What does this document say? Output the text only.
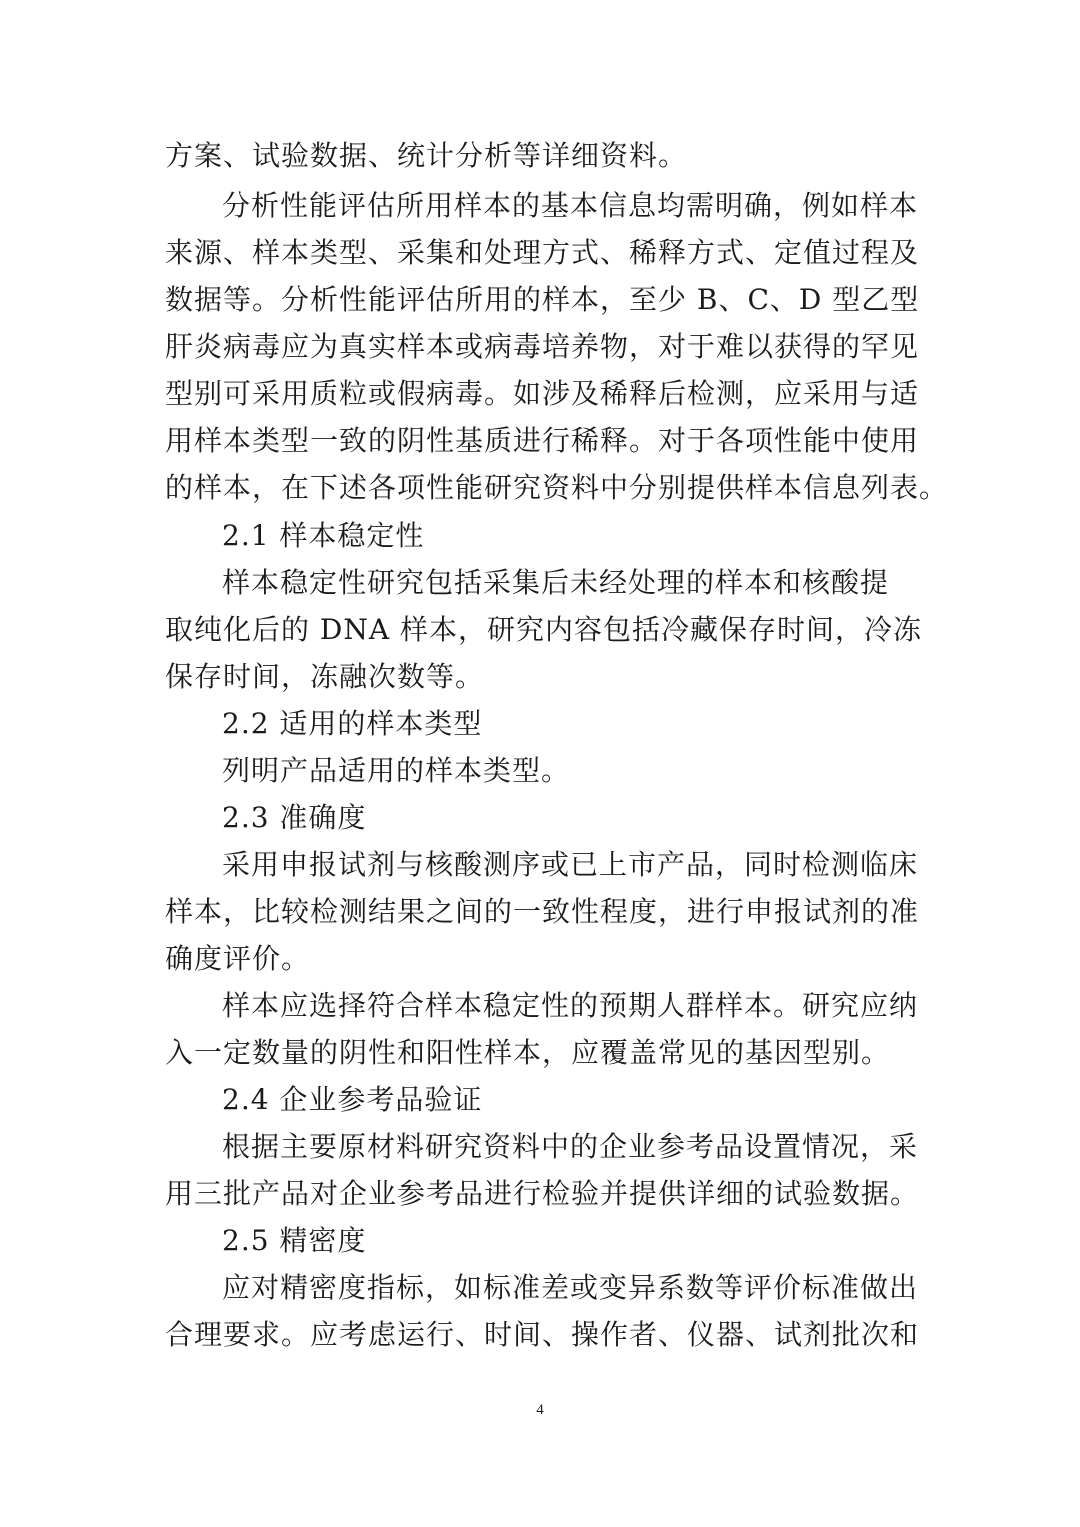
方案、试验数据、统计分析等详细资料。
分析性能评估所用样本的基本信息均需明确，例如样本
来源、样本类型、采集和处理方式、稀释方式、定值过程及
数据等。分析性能评估所用的样本，至少 B、C、D 型乙型
肝炎病毒应为真实样本或病毒培养物，对于难以获得的罕见
型别可采用质粒或假病毒。如涉及稀释后检测，应采用与适
用样本类型一致的阴性基质进行稀释。对于各项性能中使用
的样本，在下述各项性能研究资料中分别提供样本信息列表。
2.1 样本稳定性
样本稳定性研究包括采集后未经处理的样本和核酸提
取纯化后的 DNA 样本，研究内容包括冷藏保存时间，冷冻
保存时间，冻融次数等。
2.2 适用的样本类型
列明产品适用的样本类型。
2.3 准确度
采用申报试剂与核酸测序或已上市产品，同时检测临床
样本，比较检测结果之间的一致性程度，进行申报试剂的准
确度评价。
样本应选择符合样本稳定性的预期人群样本。研究应纳
入一定数量的阴性和阳性样本，应覆盖常见的基因型别。
2.4 企业参考品验证
根据主要原材料研究资料中的企业参考品设置情况，采
用三批产品对企业参考品进行检验并提供详细的试验数据。
2.5 精密度
应对精密度指标，如标准差或变异系数等评价标准做出
合理要求。应考虑运行、时间、操作者、仪器、试剂批次和
4
